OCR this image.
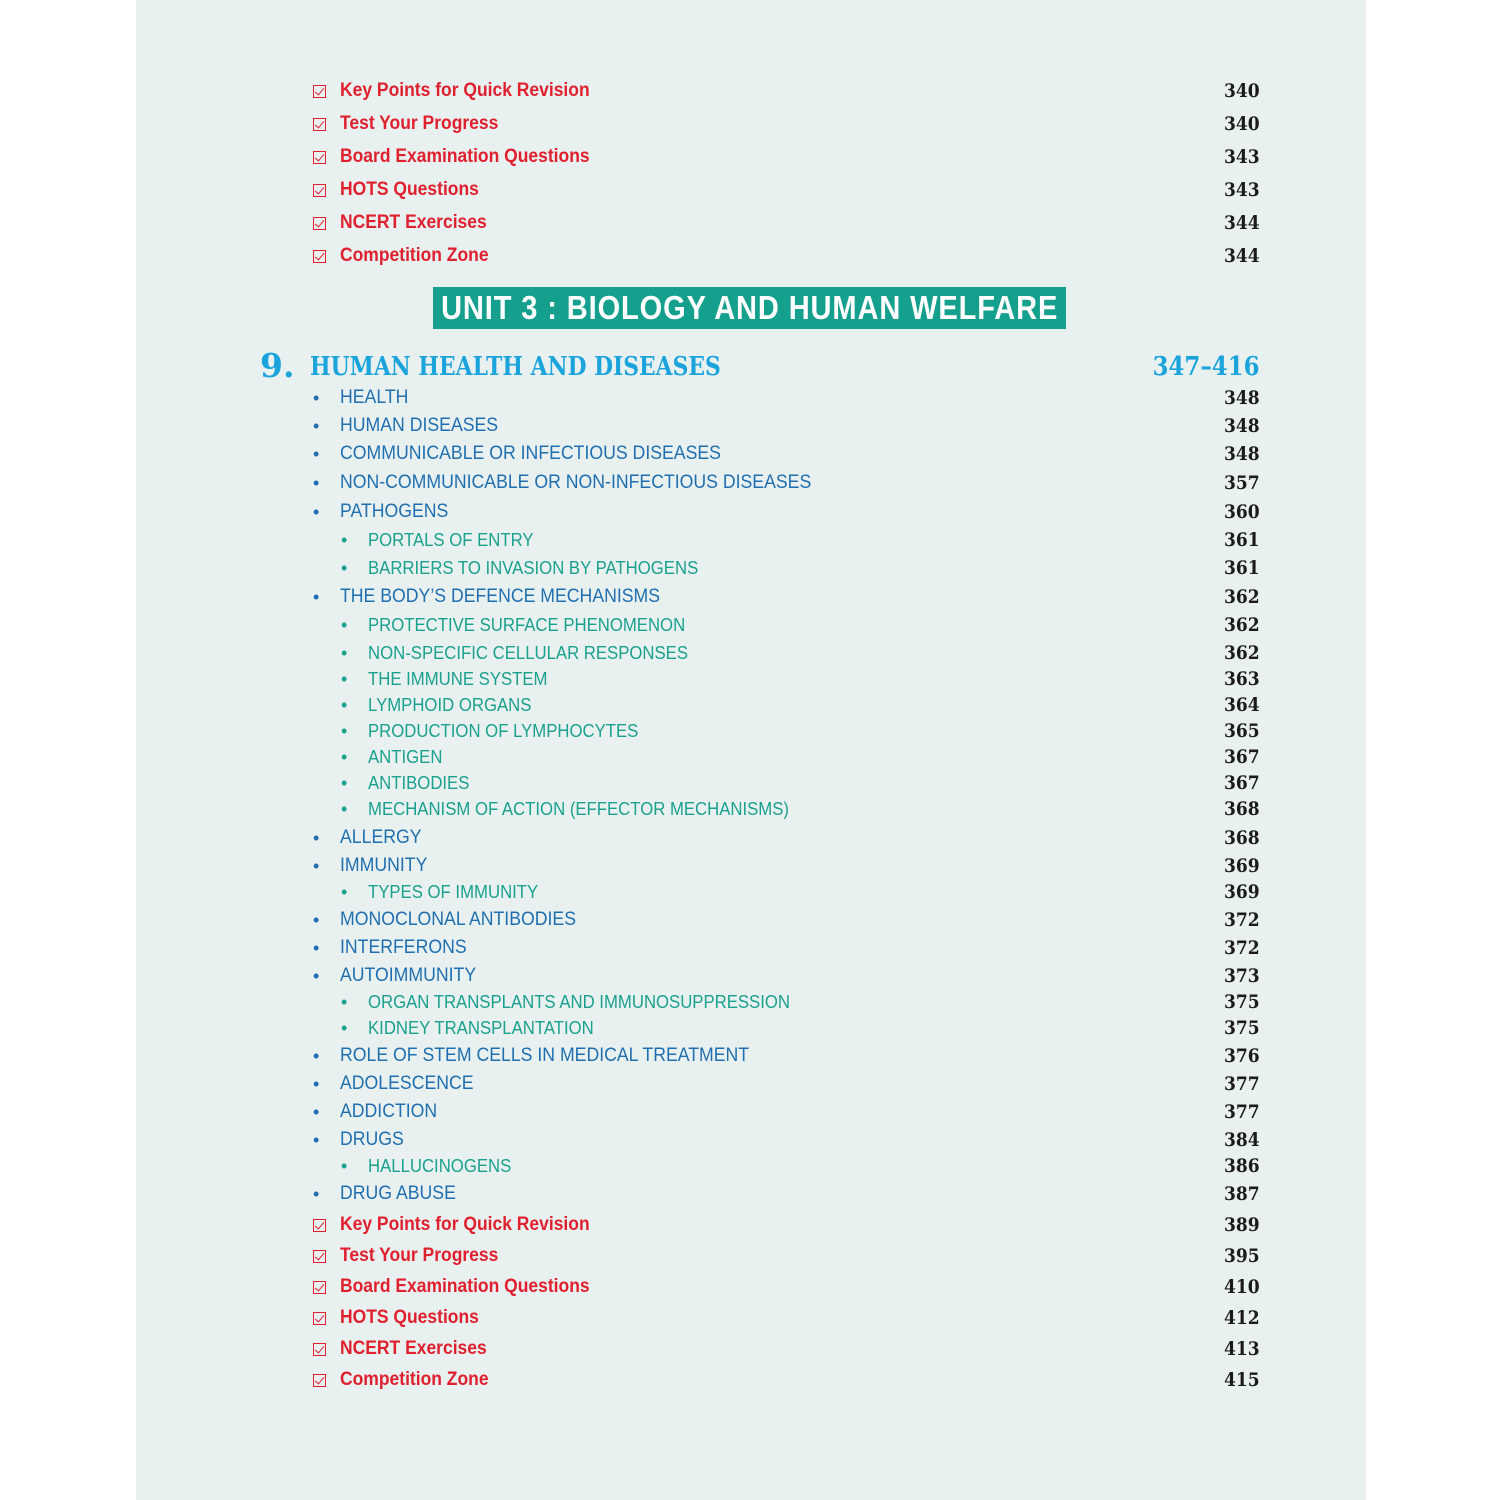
Key Points for Quick Revision	340
Test Your Progress	340
Board Examination Questions	343
HOTS Questions	343
NCERT Exercises	344
Competition Zone	344
UNIT 3 : BIOLOGY AND HUMAN WELFARE
9. HUMAN HEALTH AND DISEASES	347–416
•	HEALTH	348
•	HUMAN DISEASES	348
•	COMMUNICABLE OR INFECTIOUS DISEASES	348
•	NON-COMMUNICABLE OR NON-INFECTIOUS DISEASES	357
•	PATHOGENS	360
•	PORTALS OF ENTRY	361
•	BARRIERS TO INVASION BY PATHOGENS	361
•	THE BODY’S DEFENCE MECHANISMS	362
•	PROTECTIVE SURFACE PHENOMENON	362
•	NON-SPECIFIC CELLULAR RESPONSES	362
•	THE IMMUNE SYSTEM	363
•	LYMPHOID ORGANS	364
•	PRODUCTION OF LYMPHOCYTES	365
•	ANTIGEN	367
•	ANTIBODIES	367
•	MECHANISM OF ACTION (EFFECTOR MECHANISMS)	368
•	ALLERGY	368
•	IMMUNITY	369
•	TYPES OF IMMUNITY	369
•	MONOCLONAL ANTIBODIES	372
•	INTERFERONS	372
•	AUTOIMMUNITY	373
•	ORGAN TRANSPLANTS AND IMMUNOSUPPRESSION	375
•	KIDNEY TRANSPLANTATION	375
•	ROLE OF STEM CELLS IN MEDICAL TREATMENT	376
•	ADOLESCENCE	377
•	ADDICTION	377
•	DRUGS	384
•	HALLUCINOGENS	386
•	DRUG ABUSE	387
Key Points for Quick Revision	389
Test Your Progress	395
Board Examination Questions	410
HOTS Questions	412
NCERT Exercises	413
Competition Zone	415
